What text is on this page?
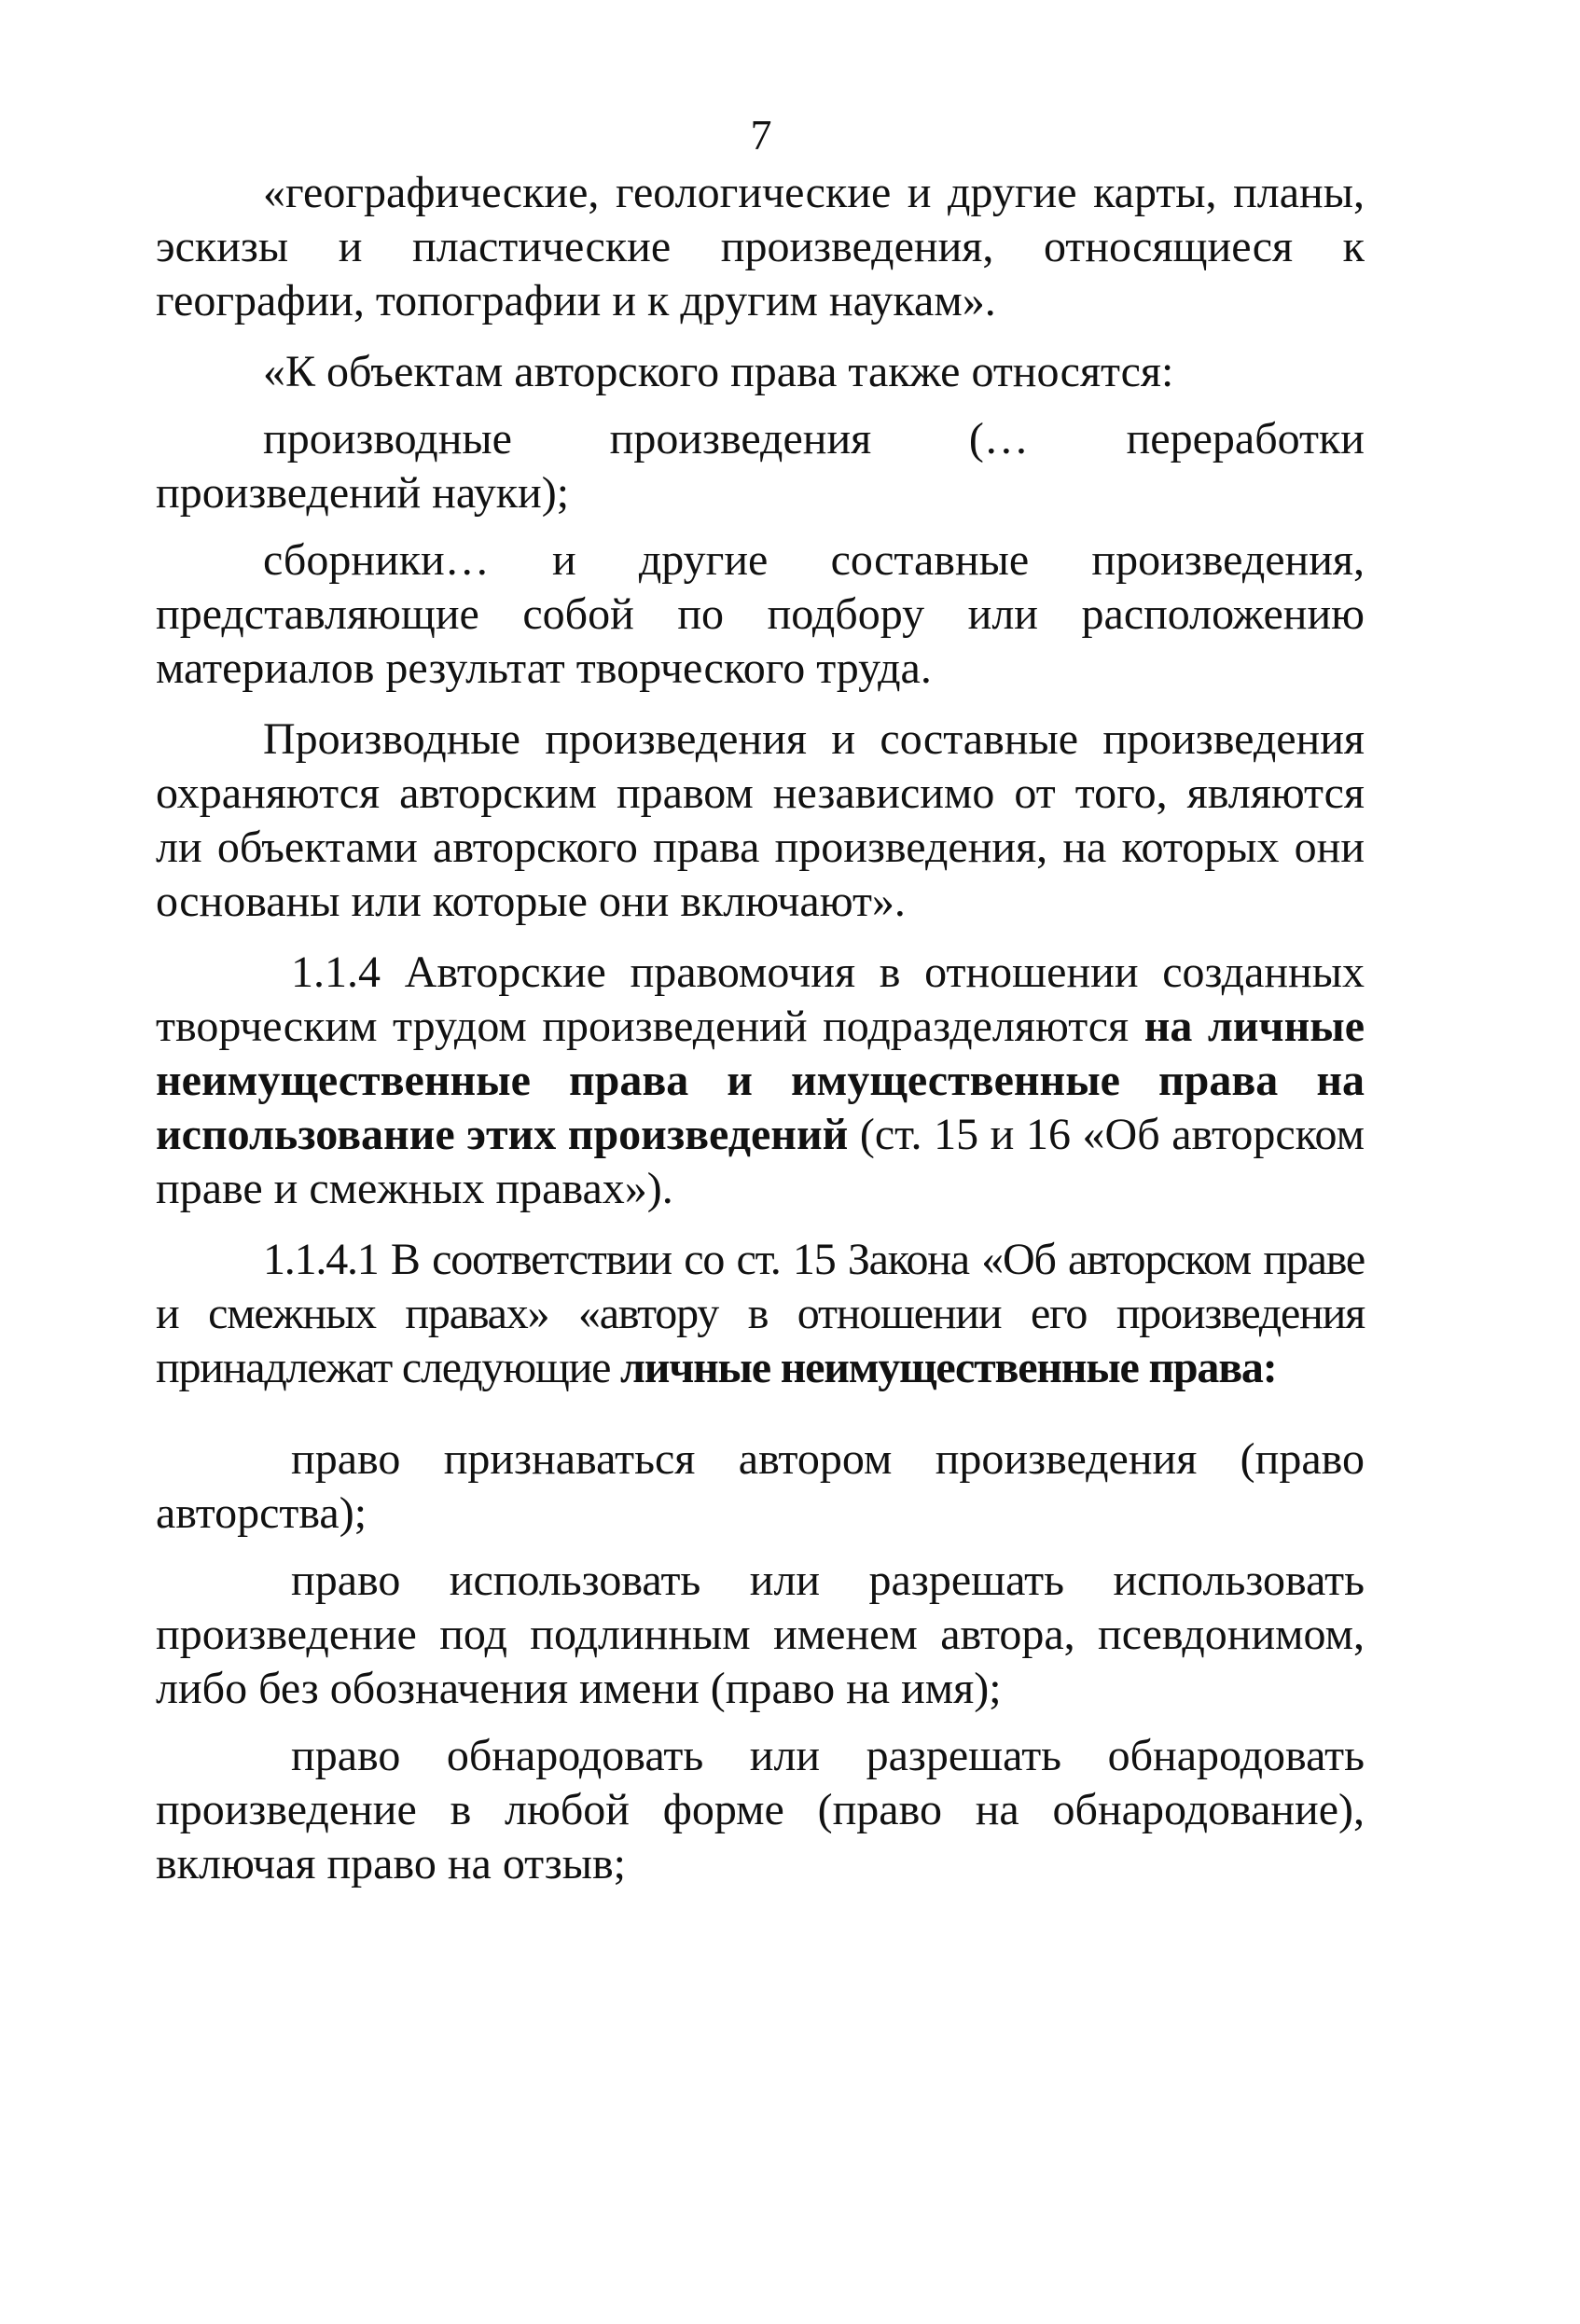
7

«географические, геологические и другие карты, планы, эскизы и пластические произведения, относящиеся к географии, топографии и к другим наукам».

«К объектам авторского права также относятся:

производные произведения (… переработки произведений науки);

сборники… и другие составные произведения, представляющие собой по подбору или расположению материалов результат творческого труда.

Производные произведения и составные произведения охраняются авторским правом независимо от того, являются ли объектами авторского права произведения, на которых они основаны или которые они включают».

1.1.4 Авторские правомочия в отношении созданных творческим трудом произведений подразделяются на личные неимущественные права и имущественные права на использование этих произведений (ст. 15 и 16 «Об авторском праве и смежных правах»).

1.1.4.1 В соответствии со ст. 15 Закона «Об авторском праве и смежных правах» «автору в отношении его произведения принадлежат следующие личные неимущественные права:

право признаваться автором произведения (право авторства);

право использовать или разрешать использовать произведение под подлинным именем автора, псевдонимом, либо без обозначения имени (право на имя);

право обнародовать или разрешать обнародовать произведение в любой форме (право на обнародование), включая право на отзыв;
